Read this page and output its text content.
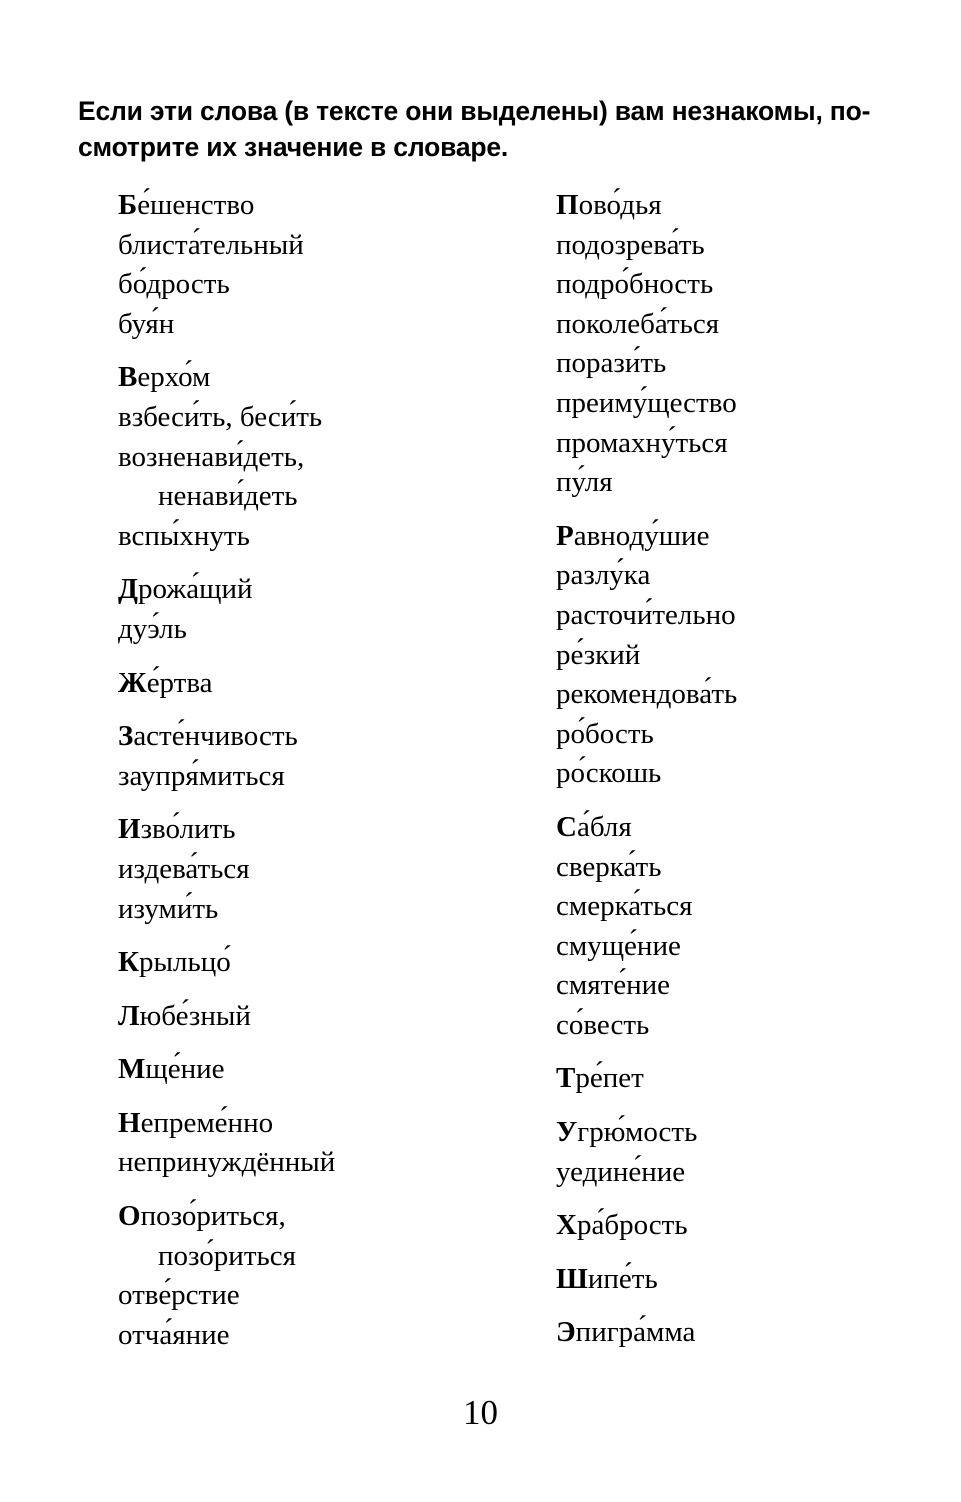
Если эти слова (в тексте они выделены) вам незнакомы, по-смотрите их значение в словаре.

Бе́шенство
блиста́тельный
бо́дрость
буя́н
Верхо́м
взбеси́ть, беси́ть
возненави́деть,
ненави́деть
вспы́хнуть
Дрожа́щий
дуэ́ль
Же́ртва
Засте́нчивость
заупря́миться
Изво́лить
издева́ться
изуми́ть
Крыльцо́
Любе́зный
Мще́ние
Непреме́нно
непринуждённый
Опозо́риться,
позо́риться
отве́рстие
отча́яние
Пово́дья
подозрева́ть
подро́бность
поколеба́ться
порази́ть
преиму́щество
промахну́ться
пу́ля
Равноду́шие
разлу́ка
расточи́тельно
ре́зкий
рекомендова́ть
ро́бость
ро́скошь
Са́бля
сверка́ть
смерка́ться
смуще́ние
смяте́ние
со́весть
Тре́пет
Угрю́мость
уедине́ние
Хра́брость
Шипе́ть
Эпигра́мма
10
